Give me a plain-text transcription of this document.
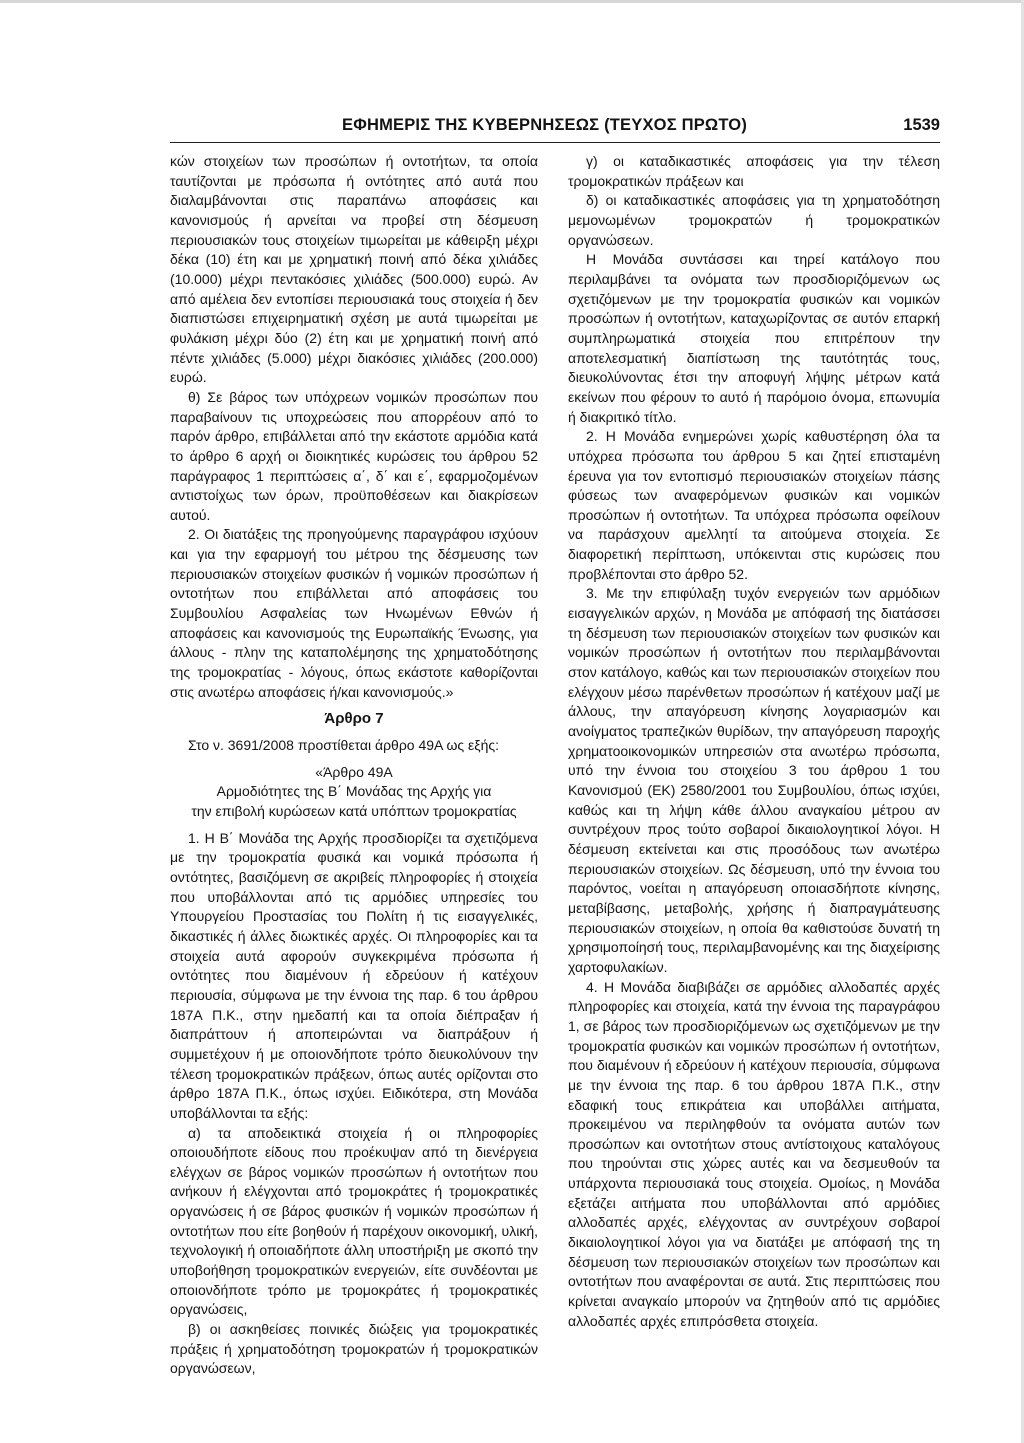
ΕΦΗΜΕΡΙΣ ΤΗΣ ΚΥΒΕΡΝΗΣΕΩΣ (ΤΕΥΧΟΣ ΠΡΩΤΟ)	1539

κών στοιχείων των προσώπων ή οντοτήτων, τα οποία ταυτίζονται με πρόσωπα ή οντότητες από αυτά που διαλαμβάνονται στις παραπάνω αποφάσεις και κανονισμούς ή αρνείται να προβεί στη δέσμευση περιουσιακών τους στοιχείων τιμωρείται με κάθειρξη μέχρι δέκα (10) έτη και με χρηματική ποινή από δέκα χιλιάδες (10.000) μέχρι πεντακόσιες χιλιάδες (500.000) ευρώ. Αν από αμέλεια δεν εντοπίσει περιουσιακά τους στοιχεία ή δεν διαπιστώσει επιχειρηματική σχέση με αυτά τιμωρείται με φυλάκιση μέχρι δύο (2) έτη και με χρηματική ποινή από πέντε χιλιάδες (5.000) μέχρι διακόσιες χιλιάδες (200.000) ευρώ.

θ) Σε βάρος των υπόχρεων νομικών προσώπων που παραβαίνουν τις υποχρεώσεις που απορρέουν από το παρόν άρθρο, επιβάλλεται από την εκάστοτε αρμόδια κατά το άρθρο 6 αρχή οι διοικητικές κυρώσεις του άρθρου 52 παράγραφος 1 περιπτώσεις α΄, δ΄ και ε΄, εφαρμοζομένων αντιστοίχως των όρων, προϋποθέσεων και διακρίσεων αυτού.

2. Οι διατάξεις της προηγούμενης παραγράφου ισχύουν και για την εφαρμογή του μέτρου της δέσμευσης των περιουσιακών στοιχείων φυσικών ή νομικών προσώπων ή οντοτήτων που επιβάλλεται από αποφάσεις του Συμβουλίου Ασφαλείας των Ηνωμένων Εθνών ή αποφάσεις και κανονισμούς της Ευρωπαϊκής Ένωσης, για άλλους - πλην της καταπολέμησης της χρηματοδότησης της τρομοκρατίας - λόγους, όπως εκάστοτε καθορίζονται στις ανωτέρω αποφάσεις ή/και κανονισμούς.»

Άρθρο 7

Στο ν. 3691/2008 προστίθεται άρθρο 49Α ως εξής:

«Άρθρο 49Α

Αρμοδιότητες της Β΄ Μονάδας της Αρχής για

την επιβολή κυρώσεων κατά υπόπτων τρομοκρατίας

1. Η Β΄ Μονάδα της Αρχής προσδιορίζει τα σχετιζόμενα με την τρομοκρατία φυσικά και νομικά πρόσωπα ή οντότητες, βασιζόμενη σε ακριβείς πληροφορίες ή στοιχεία που υποβάλλονται από τις αρμόδιες υπηρεσίες του Υπουργείου Προστασίας του Πολίτη ή τις εισαγγελικές, δικαστικές ή άλλες διωκτικές αρχές. Οι πληροφορίες και τα στοιχεία αυτά αφορούν συγκεκριμένα πρόσωπα ή οντότητες που διαμένουν ή εδρεύουν ή κατέχουν περιουσία, σύμφωνα με την έννοια της παρ. 6 του άρθρου 187Α Π.Κ., στην ημεδαπή και τα οποία διέπραξαν ή διαπράττουν ή αποπειρώνται να διαπράξουν ή συμμετέχουν ή με οποιονδήποτε τρόπο διευκολύνουν την τέλεση τρομοκρατικών πράξεων, όπως αυτές ορίζονται στο άρθρο 187Α Π.Κ., όπως ισχύει. Ειδικότερα, στη Μονάδα υποβάλλονται τα εξής:

α) τα αποδεικτικά στοιχεία ή οι πληροφορίες οποιουδήποτε είδους που προέκυψαν από τη διενέργεια ελέγχων σε βάρος νομικών προσώπων ή οντοτήτων που ανήκουν ή ελέγχονται από τρομοκράτες ή τρομοκρατικές οργανώσεις ή σε βάρος φυσικών ή νομικών προσώπων ή οντοτήτων που είτε βοηθούν ή παρέχουν οικονομική, υλική, τεχνολογική ή οποιαδήποτε άλλη υποστήριξη με σκοπό την υποβοήθηση τρομοκρατικών ενεργειών, είτε συνδέονται με οποιονδήποτε τρόπο με τρομοκράτες ή τρομοκρατικές οργανώσεις,

β) οι ασκηθείσες ποινικές διώξεις για τρομοκρατικές πράξεις ή χρηματοδότηση τρομοκρατών ή τρομοκρατικών οργανώσεων,

γ) οι καταδικαστικές αποφάσεις για την τέλεση τρομοκρατικών πράξεων και

δ) οι καταδικαστικές αποφάσεις για τη χρηματοδότηση μεμονωμένων τρομοκρατών ή τρομοκρατικών οργανώσεων.

Η Μονάδα συντάσσει και τηρεί κατάλογο που περιλαμβάνει τα ονόματα των προσδιοριζόμενων ως σχετιζόμενων με την τρομοκρατία φυσικών και νομικών προσώπων ή οντοτήτων, καταχωρίζοντας σε αυτόν επαρκή συμπληρωματικά στοιχεία που επιτρέπουν την αποτελεσματική διαπίστωση της ταυτότητάς τους, διευκολύνοντας έτσι την αποφυγή λήψης μέτρων κατά εκείνων που φέρουν το αυτό ή παρόμοιο όνομα, επωνυμία ή διακριτικό τίτλο.

2. Η Μονάδα ενημερώνει χωρίς καθυστέρηση όλα τα υπόχρεα πρόσωπα του άρθρου 5 και ζητεί επισταμένη έρευνα για τον εντοπισμό περιουσιακών στοιχείων πάσης φύσεως των αναφερόμενων φυσικών και νομικών προσώπων ή οντοτήτων. Τα υπόχρεα πρόσωπα οφείλουν να παράσχουν αμελλητί τα αιτούμενα στοιχεία. Σε διαφορετική περίπτωση, υπόκεινται στις κυρώσεις που προβλέπονται στο άρθρο 52.

3. Με την επιφύλαξη τυχόν ενεργειών των αρμόδιων εισαγγελικών αρχών, η Μονάδα με απόφασή της διατάσσει τη δέσμευση των περιουσιακών στοιχείων των φυσικών και νομικών προσώπων ή οντοτήτων που περιλαμβάνονται στον κατάλογο, καθώς και των περιουσιακών στοιχείων που ελέγχουν μέσω παρένθετων προσώπων ή κατέχουν μαζί με άλλους, την απαγόρευση κίνησης λογαριασμών και ανοίγματος τραπεζικών θυρίδων, την απαγόρευση παροχής χρηματοοικονομικών υπηρεσιών στα ανωτέρω πρόσωπα, υπό την έννοια του στοιχείου 3 του άρθρου 1 του Κανονισμού (ΕΚ) 2580/2001 του Συμβουλίου, όπως ισχύει, καθώς και τη λήψη κάθε άλλου αναγκαίου μέτρου αν συντρέχουν προς τούτο σοβαροί δικαιολογητικοί λόγοι. Η δέσμευση εκτείνεται και στις προσόδους των ανωτέρω περιουσιακών στοιχείων. Ως δέσμευση, υπό την έννοια του παρόντος, νοείται η απαγόρευση οποιασδήποτε κίνησης, μεταβίβασης, μεταβολής, χρήσης ή διαπραγμάτευσης περιουσιακών στοιχείων, η οποία θα καθιστούσε δυνατή τη χρησιμοποίησή τους, περιλαμβανομένης και της διαχείρισης χαρτοφυλακίων.

4. Η Μονάδα διαβιβάζει σε αρμόδιες αλλοδαπές αρχές πληροφορίες και στοιχεία, κατά την έννοια της παραγράφου 1, σε βάρος των προσδιοριζόμενων ως σχετιζόμενων με την τρομοκρατία φυσικών και νομικών προσώπων ή οντοτήτων, που διαμένουν ή εδρεύουν ή κατέχουν περιουσία, σύμφωνα με την έννοια της παρ. 6 του άρθρου 187Α Π.Κ., στην εδαφική τους επικράτεια και υποβάλλει αιτήματα, προκειμένου να περιληφθούν τα ονόματα αυτών των προσώπων και οντοτήτων στους αντίστοιχους καταλόγους που τηρούνται στις χώρες αυτές και να δεσμευθούν τα υπάρχοντα περιουσιακά τους στοιχεία. Ομοίως, η Μονάδα εξετάζει αιτήματα που υποβάλλονται από αρμόδιες αλλοδαπές αρχές, ελέγχοντας αν συντρέχουν σοβαροί δικαιολογητικοί λόγοι για να διατάξει με απόφασή της τη δέσμευση των περιουσιακών στοιχείων των προσώπων και οντοτήτων που αναφέρονται σε αυτά. Στις περιπτώσεις που κρίνεται αναγκαίο μπορούν να ζητηθούν από τις αρμόδιες αλλοδαπές αρχές επιπρόσθετα στοιχεία.
